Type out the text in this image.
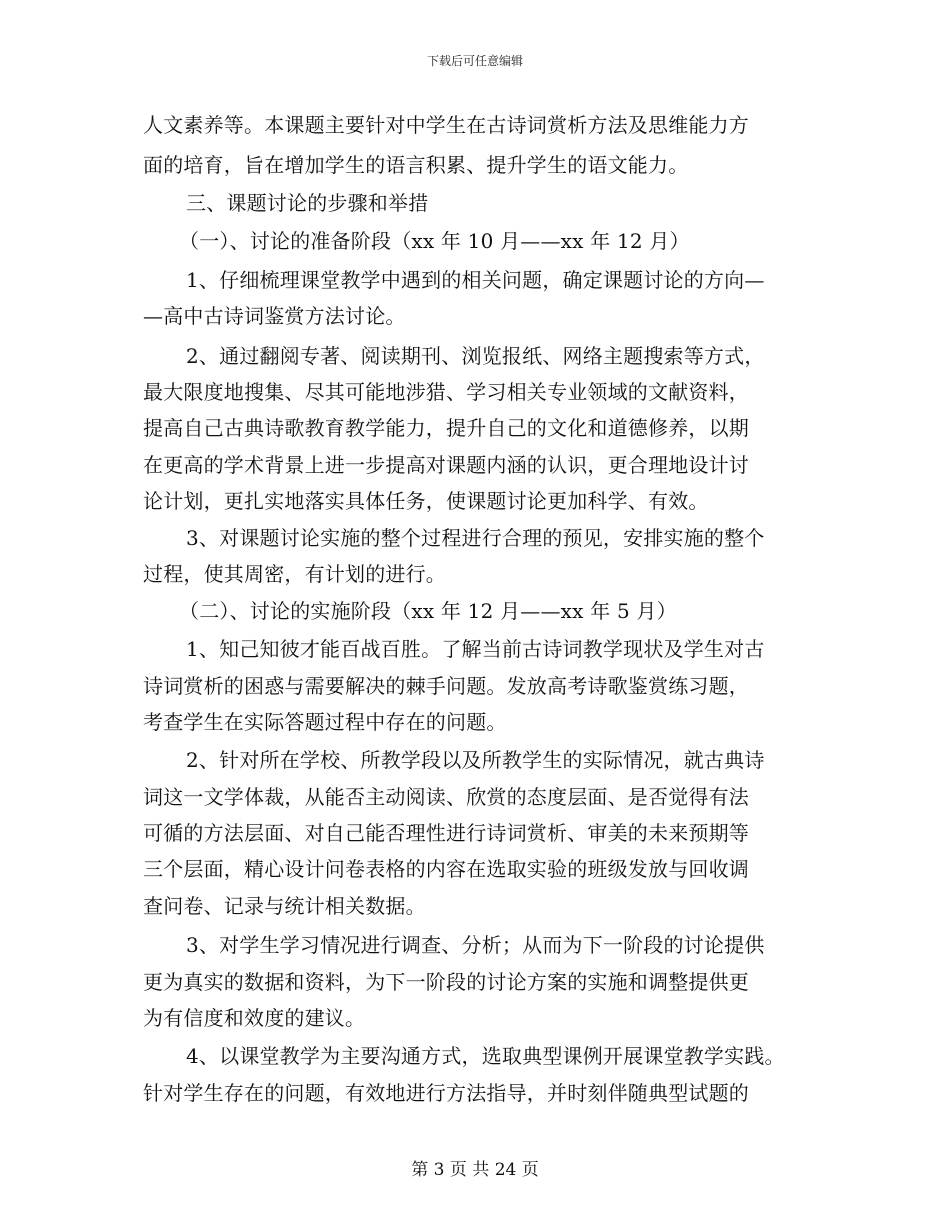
下载后可任意编辑
人文素养等。本课题主要针对中学生在古诗词赏析方法及思维能力方
面的培育，旨在增加学生的语言积累、提升学生的语文能力。
三、课题讨论的步骤和举措
（一）、讨论的准备阶段（xx 年 10 月——xx 年 12 月）
1、仔细梳理课堂教学中遇到的相关问题，确定课题讨论的方向—
—高中古诗词鉴赏方法讨论。
2、通过翻阅专著、阅读期刊、浏览报纸、网络主题搜索等方式，
最大限度地搜集、尽其可能地涉猎、学习相关专业领域的文献资料，
提高自己古典诗歌教育教学能力，提升自己的文化和道德修养，以期
在更高的学术背景上进一步提高对课题内涵的认识，更合理地设计讨
论计划，更扎实地落实具体任务，使课题讨论更加科学、有效。
3、对课题讨论实施的整个过程进行合理的预见，安排实施的整个
过程，使其周密，有计划的进行。
（二）、讨论的实施阶段（xx 年 12 月——xx 年 5 月）
1、知己知彼才能百战百胜。了解当前古诗词教学现状及学生对古
诗词赏析的困惑与需要解决的棘手问题。发放高考诗歌鉴赏练习题，
考查学生在实际答题过程中存在的问题。
2、针对所在学校、所教学段以及所教学生的实际情况，就古典诗
词这一文学体裁，从能否主动阅读、欣赏的态度层面、是否觉得有法
可循的方法层面、对自己能否理性进行诗词赏析、审美的未来预期等
三个层面，精心设计问卷表格的内容在选取实验的班级发放与回收调
查问卷、记录与统计相关数据。
3、对学生学习情况进行调查、分析；从而为下一阶段的讨论提供
更为真实的数据和资料，为下一阶段的讨论方案的实施和调整提供更
为有信度和效度的建议。
4、以课堂教学为主要沟通方式，选取典型课例开展课堂教学实践。
针对学生存在的问题，有效地进行方法指导，并时刻伴随典型试题的
第 3 页 共 24 页
